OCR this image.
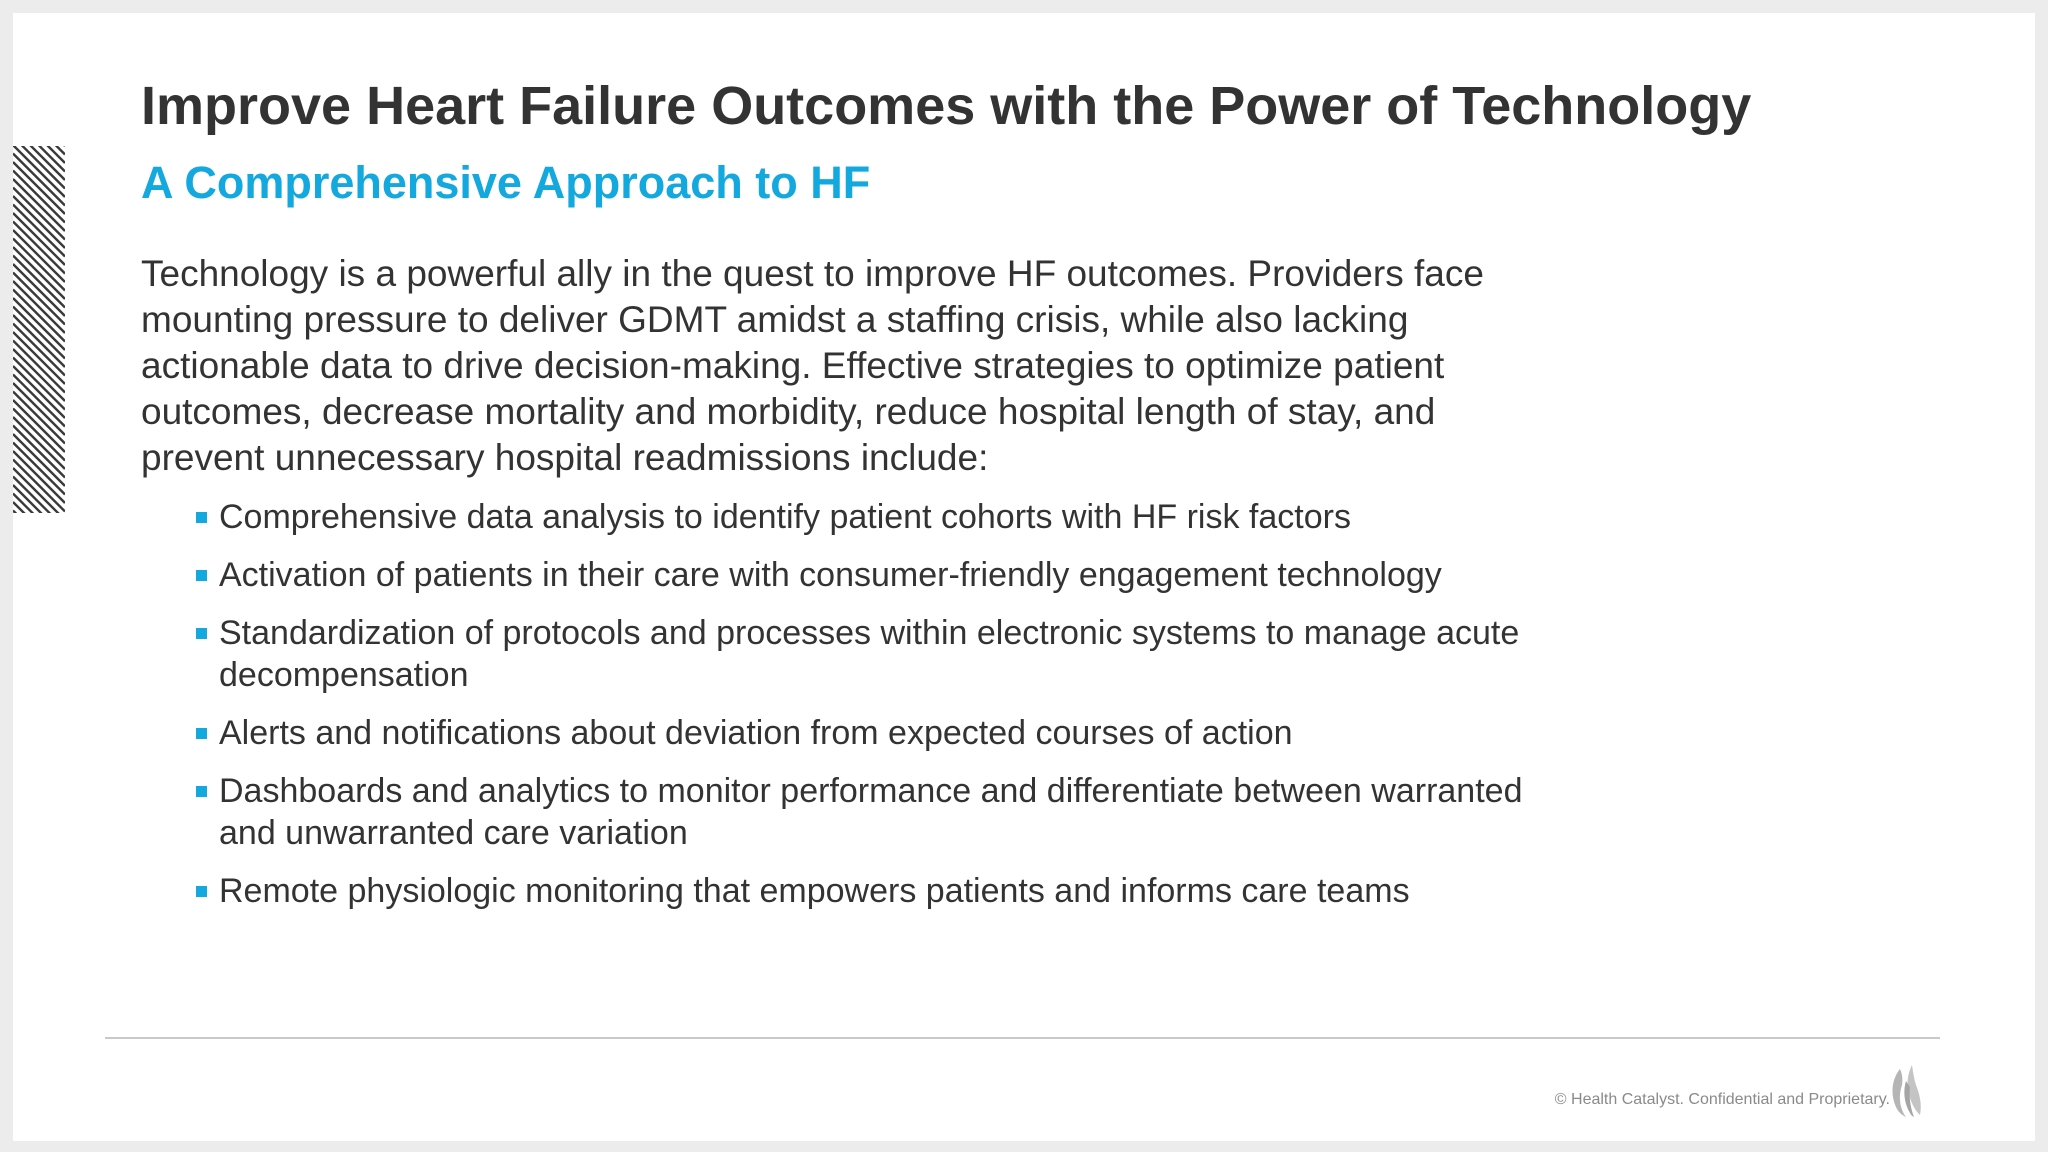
Improve Heart Failure Outcomes with the Power of Technology
A Comprehensive Approach to HF

Technology is a powerful ally in the quest to improve HF outcomes. Providers face mounting pressure to deliver GDMT amidst a staffing crisis, while also lacking actionable data to drive decision-making. Effective strategies to optimize patient outcomes, decrease mortality and morbidity, reduce hospital length of stay, and prevent unnecessary hospital readmissions include:

Comprehensive data analysis to identify patient cohorts with HF risk factors
Activation of patients in their care with consumer-friendly engagement technology
Standardization of protocols and processes within electronic systems to manage acute decompensation
Alerts and notifications about deviation from expected courses of action
Dashboards and analytics to monitor performance and differentiate between warranted and unwarranted care variation
Remote physiologic monitoring that empowers patients and informs care teams

© Health Catalyst. Confidential and Proprietary.
